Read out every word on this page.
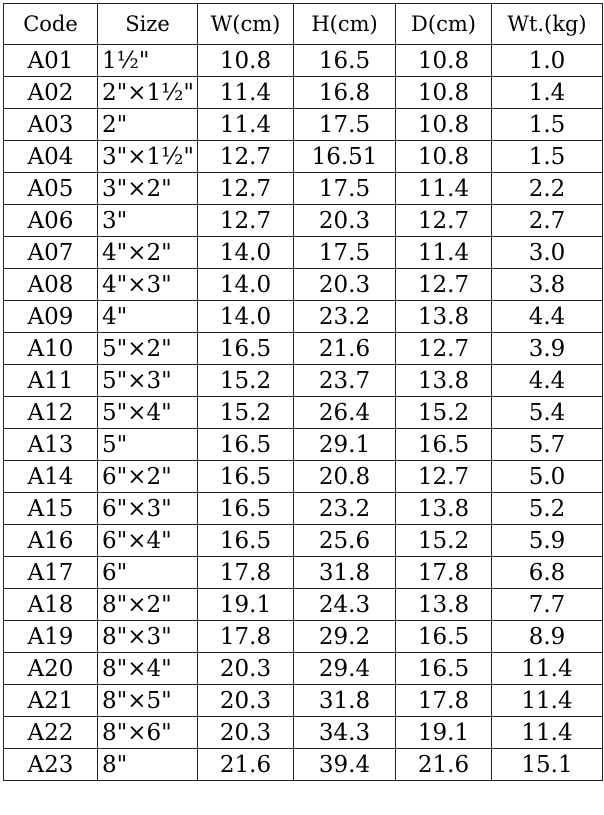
Code	Size	W(cm)	H(cm)	D(cm)	Wt.(kg)
A01	1½"	10.8	16.5	10.8	1.0
A02	2"×1½"	11.4	16.8	10.8	1.4
A03	2"	11.4	17.5	10.8	1.5
A04	3"×1½"	12.7	16.51	10.8	1.5
A05	3"×2"	12.7	17.5	11.4	2.2
A06	3"	12.7	20.3	12.7	2.7
A07	4"×2"	14.0	17.5	11.4	3.0
A08	4"×3"	14.0	20.3	12.7	3.8
A09	4"	14.0	23.2	13.8	4.4
A10	5"×2"	16.5	21.6	12.7	3.9
A11	5"×3"	15.2	23.7	13.8	4.4
A12	5"×4"	15.2	26.4	15.2	5.4
A13	5"	16.5	29.1	16.5	5.7
A14	6"×2"	16.5	20.8	12.7	5.0
A15	6"×3"	16.5	23.2	13.8	5.2
A16	6"×4"	16.5	25.6	15.2	5.9
A17	6"	17.8	31.8	17.8	6.8
A18	8"×2"	19.1	24.3	13.8	7.7
A19	8"×3"	17.8	29.2	16.5	8.9
A20	8"×4"	20.3	29.4	16.5	11.4
A21	8"×5"	20.3	31.8	17.8	11.4
A22	8"×6"	20.3	34.3	19.1	11.4
A23	8"	21.6	39.4	21.6	15.1
